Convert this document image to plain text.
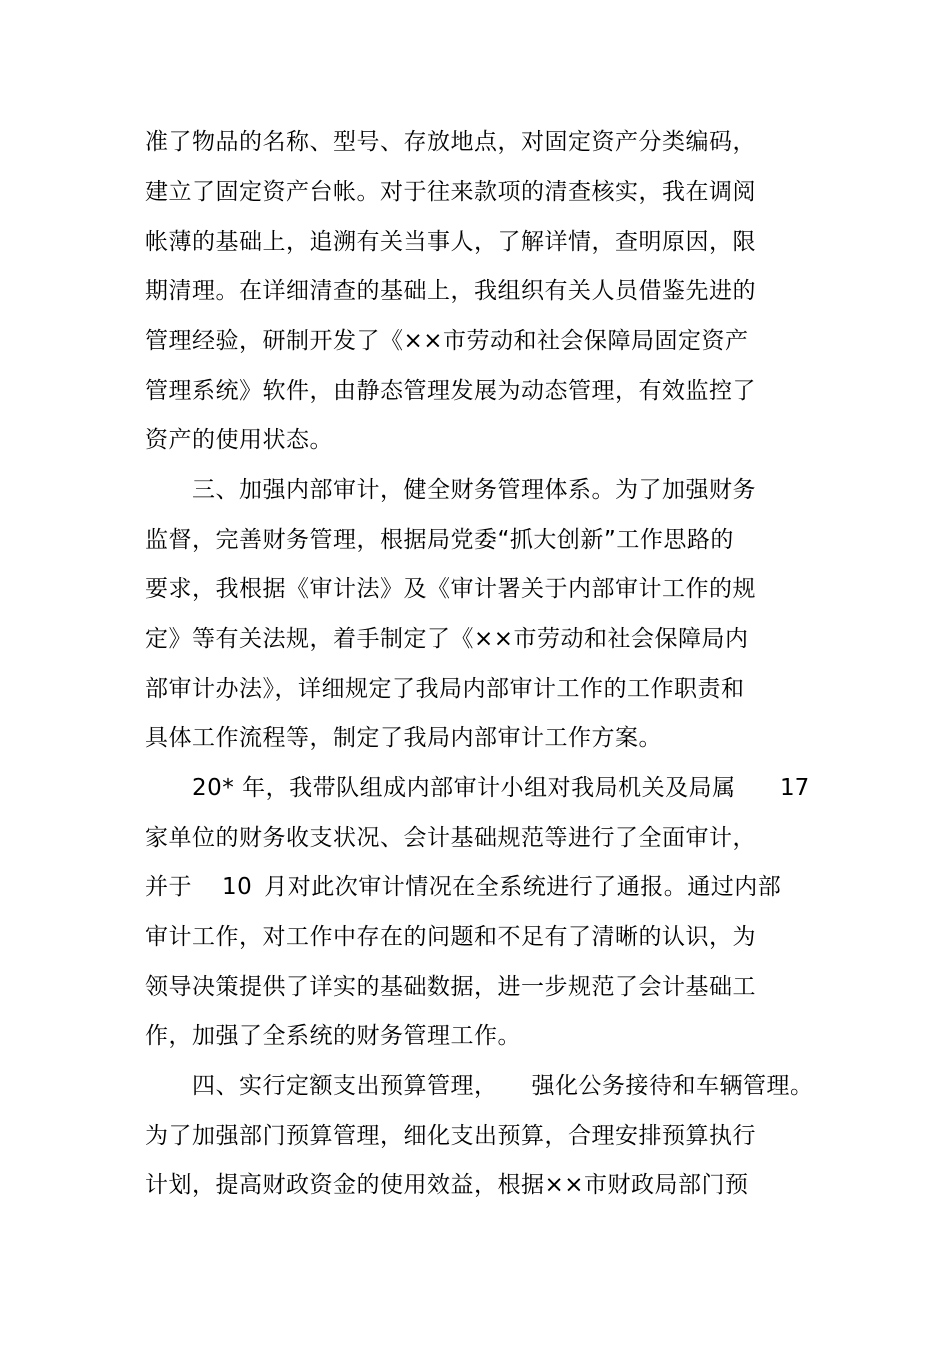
准了物品的名称、型号、存放地点，对固定资产分类编码，
建立了固定资产台帐。对于往来款项的清查核实，我在调阅
帐薄的基础上，追溯有关当事人，了解详情，查明原因，限
期清理。在详细清查的基础上，我组织有关人员借鉴先进的
管理经验，研制开发了《××市劳动和社会保障局固定资产
管理系统》软件，由静态管理发展为动态管理，有效监控了
资产的使用状态。
三、加强内部审计，健全财务管理体系。为了加强财务
监督，完善财务管理，根据局党委“抓大创新”工作思路的
要求，我根据《审计法》及《审计署关于内部审计工作的规
定》等有关法规，着手制定了《××市劳动和社会保障局内
部审计办法》，详细规定了我局内部审计工作的工作职责和
具体工作流程等，制定了我局内部审计工作方案。
20* 年，我带队组成内部审计小组对我局机关及局属 17
家单位的财务收支状况、会计基础规范等进行了全面审计，
并于 10 月对此次审计情况在全系统进行了通报。通过内部
审计工作，对工作中存在的问题和不足有了清晰的认识，为
领导决策提供了详实的基础数据，进一步规范了会计基础工
作，加强了全系统的财务管理工作。
四、实行定额支出预算管理， 强化公务接待和车辆管理。
为了加强部门预算管理，细化支出预算，合理安排预算执行
计划，提高财政资金的使用效益，根据××市财政局部门预
